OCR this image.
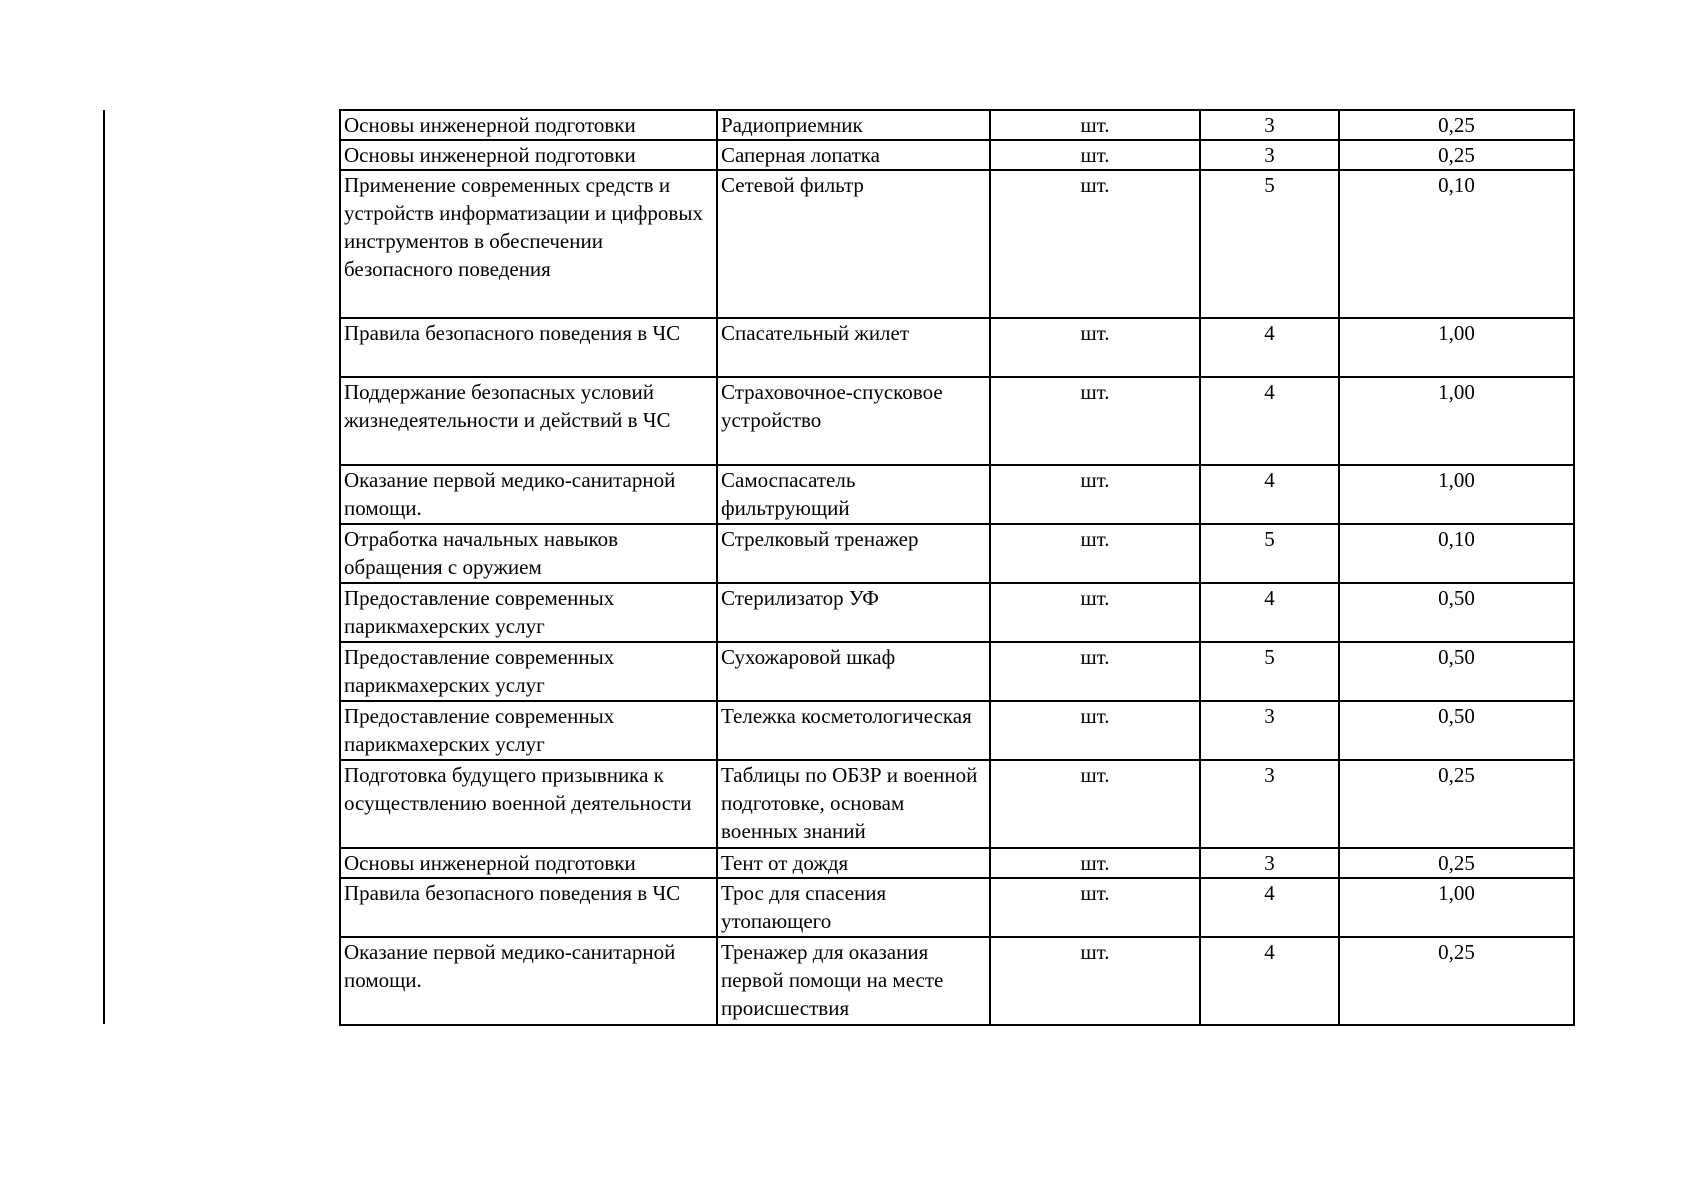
Основы инженерной подготовки	Радиоприемник	шт.	3	0,25
Основы инженерной подготовки	Саперная лопатка	шт.	3	0,25
Применение современных средств и устройств информатизации и цифровых инструментов в обеспечении безопасного поведения	Сетевой фильтр	шт.	5	0,10
Правила безопасного поведения в ЧС	Спасательный жилет	шт.	4	1,00
Поддержание безопасных условий жизнедеятельности и действий в ЧС	Страховочное-спусковое устройство	шт.	4	1,00
Оказание первой медико-санитарной помощи.	Самоспасатель фильтрующий	шт.	4	1,00
Отработка начальных навыков обращения с оружием	Стрелковый тренажер	шт.	5	0,10
Предоставление современных парикмахерских услуг	Стерилизатор УФ	шт.	4	0,50
Предоставление современных парикмахерских услуг	Сухожаровой шкаф	шт.	5	0,50
Предоставление современных парикмахерских услуг	Тележка косметологическая	шт.	3	0,50
Подготовка будущего призывника к осуществлению военной деятельности	Таблицы по ОБЗР и военной подготовке, основам военных знаний	шт.	3	0,25
Основы инженерной подготовки	Тент от дождя	шт.	3	0,25
Правила безопасного поведения в ЧС	Трос для спасения утопающего	шт.	4	1,00
Оказание первой медико-санитарной помощи.	Тренажер для оказания первой помощи на месте происшествия	шт.	4	0,25
